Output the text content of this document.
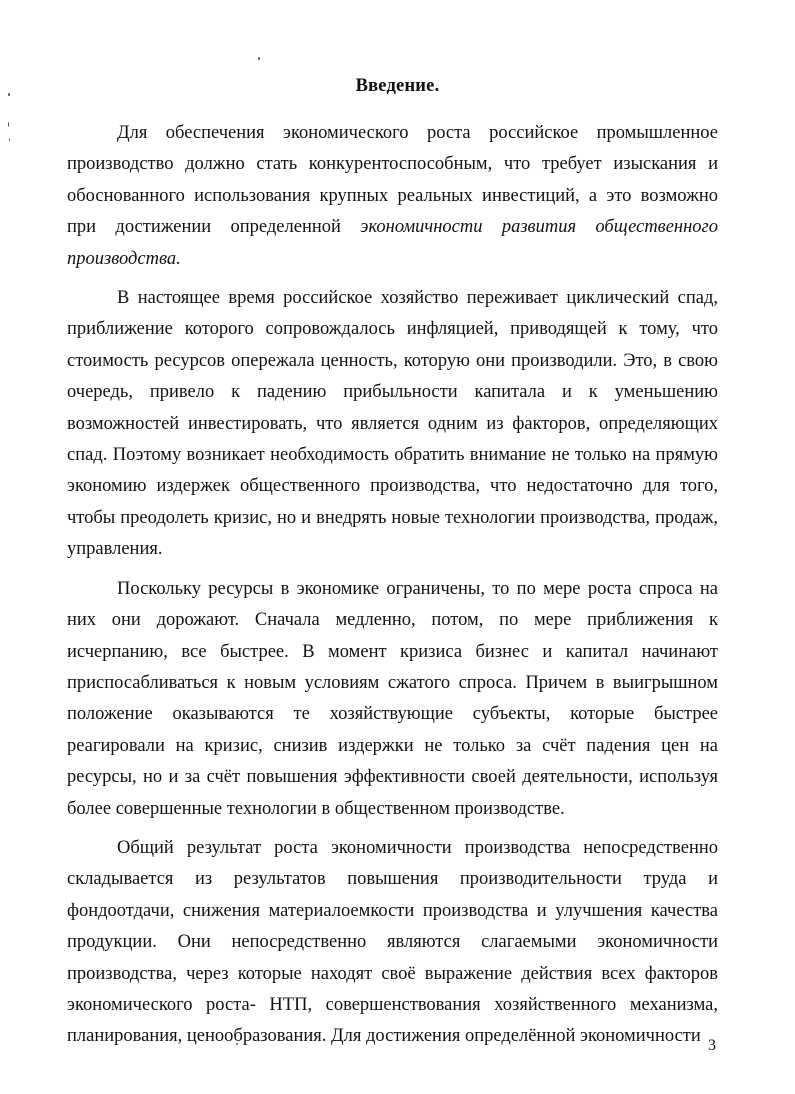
Введение.

Для обеспечения экономического роста российское промышленное производство должно стать конкурентоспособным, что требует изыскания и обоснованного использования крупных реальных инвестиций, а это возможно при достижении определенной экономичности развития общественного производства.

В настоящее время российское хозяйство переживает циклический спад, приближение которого сопровождалось инфляцией, приводящей к тому, что стоимость ресурсов опережала ценность, которую они производили. Это, в свою очередь, привело к падению прибыльности капитала и к уменьшению возможностей инвестировать, что является одним из факторов, определяющих спад. Поэтому возникает необходимость обратить внимание не только на прямую экономию издержек общественного производства, что недостаточно для того, чтобы преодолеть кризис, но и внедрять новые технологии производства, продаж, управления.

Поскольку ресурсы в экономике ограничены, то по мере роста спроса на них они дорожают. Сначала медленно, потом, по мере приближения к исчерпанию, все быстрее. В момент кризиса бизнес и капитал начинают приспосабливаться к новым условиям сжатого спроса. Причем в выигрышном положение оказываются те хозяйствующие субъекты, которые быстрее реагировали на кризис, снизив издержки не только за счёт падения цен на ресурсы, но и за счёт повышения эффективности своей деятельности, используя более совершенные технологии в общественном производстве.

Общий результат роста экономичности производства непосредственно складывается из результатов повышения производительности труда и фондоотдачи, снижения материалоемкости производства и улучшения качества продукции. Они непосредственно являются слагаемыми экономичности производства, через которые находят своё выражение действия всех факторов экономического роста- НТП, совершенствования хозяйственного механизма, планирования, ценообразования. Для достижения определённой экономичности 3
